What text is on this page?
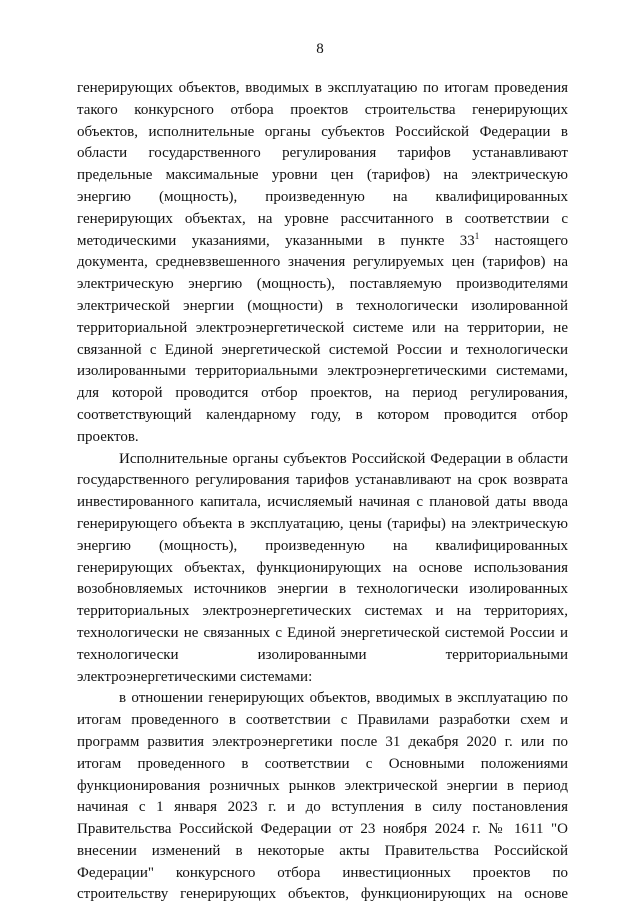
8

генерирующих объектов, вводимых в эксплуатацию по итогам проведения такого конкурсного отбора проектов строительства генерирующих объектов, исполнительные органы субъектов Российской Федерации в области государственного регулирования тарифов устанавливают предельные максимальные уровни цен (тарифов) на электрическую энергию (мощность), произведенную на квалифицированных генерирующих объектах, на уровне рассчитанного в соответствии с методическими указаниями, указанными в пункте $33^1$ настоящего документа, средневзвешенного значения регулируемых цен (тарифов) на электрическую энергию (мощность), поставляемую производителями электрической энергии (мощности) в технологически изолированной территориальной электроэнергетической системе или на территории, не связанной с Единой энергетической системой России и технологически изолированными территориальными электроэнергетическими системами, для которой проводится отбор проектов, на период регулирования, соответствующий календарному году, в котором проводится отбор проектов.

Исполнительные органы субъектов Российской Федерации в области государственного регулирования тарифов устанавливают на срок возврата инвестированного капитала, исчисляемый начиная с плановой даты ввода генерирующего объекта в эксплуатацию, цены (тарифы) на электрическую энергию (мощность), произведенную на квалифицированных генерирующих объектах, функционирующих на основе использования возобновляемых источников энергии в технологически изолированных территориальных электроэнергетических системах и на территориях, технологически не связанных с Единой энергетической системой России и технологически изолированными территориальными электроэнергетическими системами:

в отношении генерирующих объектов, вводимых в эксплуатацию по итогам проведенного в соответствии с Правилами разработки схем и программ развития электроэнергетики после 31 декабря 2020 г. или по итогам проведенного в соответствии с Основными положениями функционирования розничных рынков электрической энергии в период начиная с 1 января 2023 г. и до вступления в силу постановления Правительства Российской Федерации от 23 ноября 2024 г. № 1611 "О внесении изменений в некоторые акты Правительства Российской Федерации" конкурсного отбора инвестиционных проектов по строительству генерирующих объектов, функционирующих на основе
